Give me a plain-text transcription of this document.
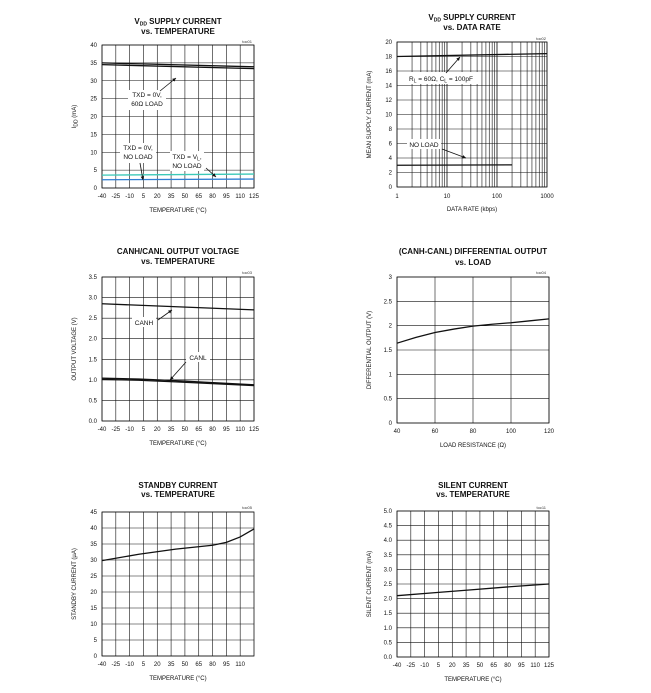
VDD SUPPLY CURRENT
vs. TEMPERATURE
toc01
-40 -25 -10 5 20 35 50 65 80 95 110 125
0
5
10
15
20
25
30
35
40
TEMPERATURE (°C)
$I_{DD}$ (mA)
TXD = 0V,
60Ω LOAD
TXD = 0V,
NO LOAD	TXD = $V_L$,
NO LOAD
VDD SUPPLY CURRENT
vs. DATA RATE
toc02
1	10	100	1000
0
2
4
6
8
10
12
14
16
18
20
DATA RATE (kbps)
MEAN SUPPLY CURRENT (mA)	$R_L = 60\Omega$, $C_L = 100pF$
NO LOAD
CANH/CANL OUTPUT VOLTAGE
vs. TEMPERATURE
toc03
-40 -25 -10 5 20 35 50 65 80 95 110 125
0.0
0.5
1.0
1.5
2.0
2.5
3.0
3.5
TEMPERATURE (°C)
OUTPUT VOLTAGE (V)	CANH
CANL
(CANH-CANL) DIFFERENTIAL OUTPUT
vs. LOAD
toc04
40	60	80	100	120
0
0.5
1
1.5
2
2.5
3
LOAD RESISTANCE (Ω)
DIFFERENTIAL OUTPUT (V)
STANDBY CURRENT
vs. TEMPERATURE
toc05
-40 -25 -10 5 20 35 50 65 80 95 110
0
5
10
15
20
25
30
35
40
45
TEMPERATURE (°C)
STANDBY CURRENT (µA)
SILENT CURRENT
vs. TEMPERATURE
toc11
-40 -25 -10 5 20 35 50 65 80 95 110 125
0.0
0.5
1.0
1.5
2.0
2.5
3.0
3.5
4.0
4.5
5.0
TEMPERATURE (°C)
SILENT CURRENT (mA)
